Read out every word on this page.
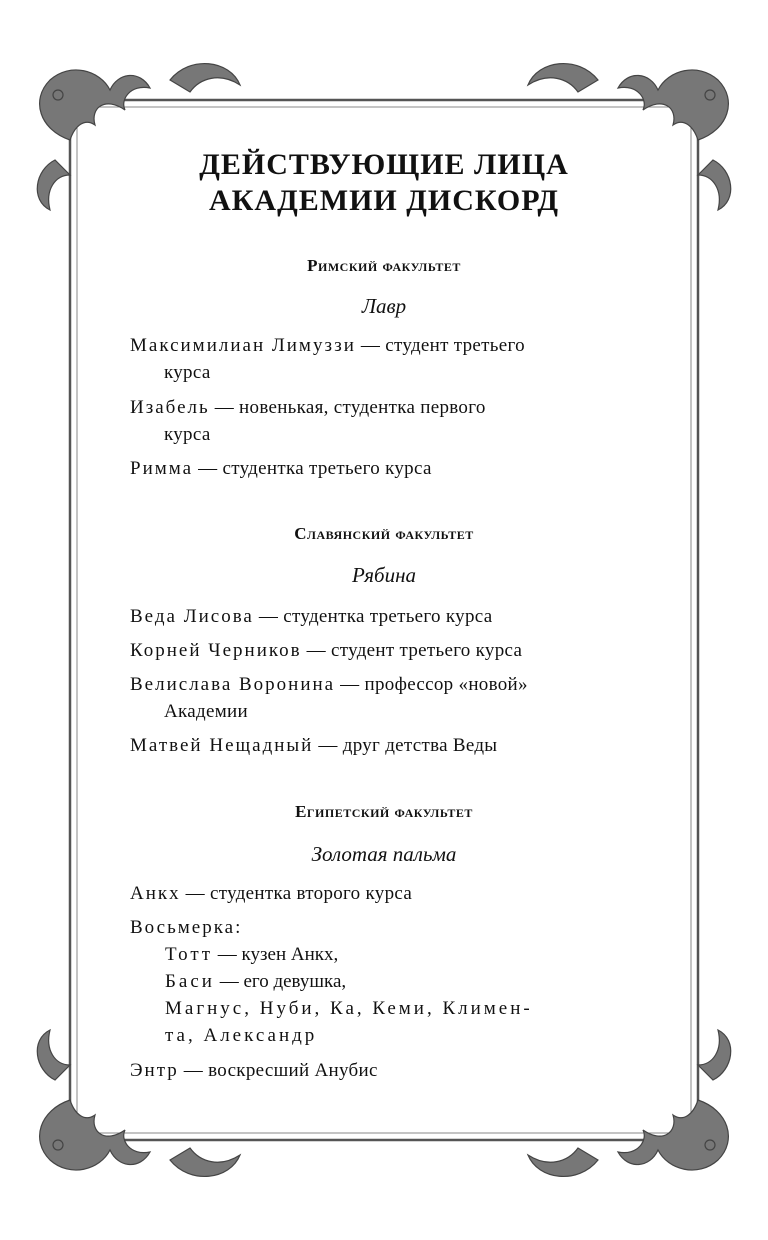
ДЕЙСТВУЮЩИЕ ЛИЦА
АКАДЕМИИ ДИСКОРД
Римский факультет
Лавр
Максимилиан Лимуззи — студент третьего
курса
Изабель — новенькая, студентка первого
курса
Римма — студентка третьего курса
Славянский факультет
Рябина
Веда Лисова — студентка третьего курса
Корней Черников — студент третьего курса
Велислава Воронина — профессор «новой»
Академии
Матвей Нещадный — друг детства Веды
Египетский факультет
Золотая пальма
Анкх — студентка второго курса
Восьмерка:
Тотт — кузен Анкх,
Баси — его девушка,
Магнус, Нуби, Ка, Кеми, Климен-
та, Александр
Энтр — воскресший Анубис
